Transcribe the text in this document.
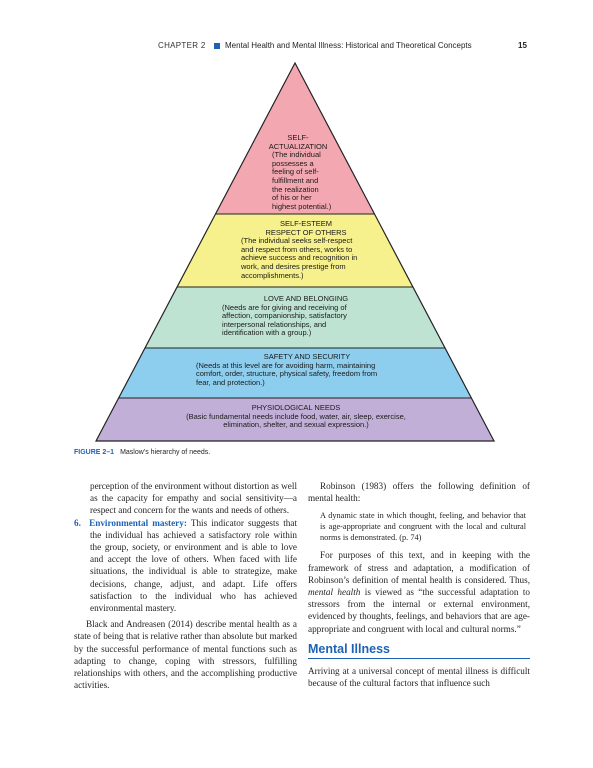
CHAPTER 2 Mental Health and Mental Illness: Historical and Theoretical Concepts	15
SELF-
ACTUALIZATION
(The individual
possesses a
feeling of self-
fulfillment and
the realization
of his or her
highest potential.)
SELF-ESTEEM
RESPECT OF OTHERS
(The individual seeks self-respect
and respect from others, works to
achieve success and recognition in
work, and desires prestige from
accomplishments.)
LOVE AND BELONGING
(Needs are for giving and receiving of
affection, companionship, satisfactory
interpersonal relationships, and
identification with a group.)
SAFETY AND SECURITY
(Needs at this level are for avoiding harm, maintaining
comfort, order, structure, physical safety, freedom from
fear, and protection.)
PHYSIOLOGICAL NEEDS
(Basic fundamental needs include food, water, air, sleep, exercise,
elimination, shelter, and sexual expression.)
FIGURE 2–1 Maslow’s hierarchy of needs.

perception of the environment without distortion as well as the capacity for empathy and social sensitivity—a respect and concern for the wants and needs of others.

6. Environmental mastery: This indicator suggests that the individual has achieved a satisfactory role within the group, society, or environment and is able to love and accept the love of others. When faced with life situations, the individual is able to strategize, make decisions, change, adjust, and adapt. Life offers satisfaction to the individual who has achieved environmental mastery.

Black and Andreasen (2014) describe mental health as a state of being that is relative rather than absolute but marked by the successful performance of mental functions such as adapting to change, coping with stressors, fulfilling relationships with others, and the accomplishing productive activities.

Robinson (1983) offers the following definition of mental health:

A dynamic state in which thought, feeling, and behavior that is age-appropriate and congruent with the local and cultural norms is demonstrated. (p. 74)

For purposes of this text, and in keeping with the framework of stress and adaptation, a modification of Robinson’s definition of mental health is considered. Thus, mental health is viewed as “the successful adaptation to stressors from the internal or external environment, evidenced by thoughts, feelings, and behaviors that are age-appropriate and congruent with local and cultural norms.”

Mental Illness

Arriving at a universal concept of mental illness is difficult because of the cultural factors that influence such
